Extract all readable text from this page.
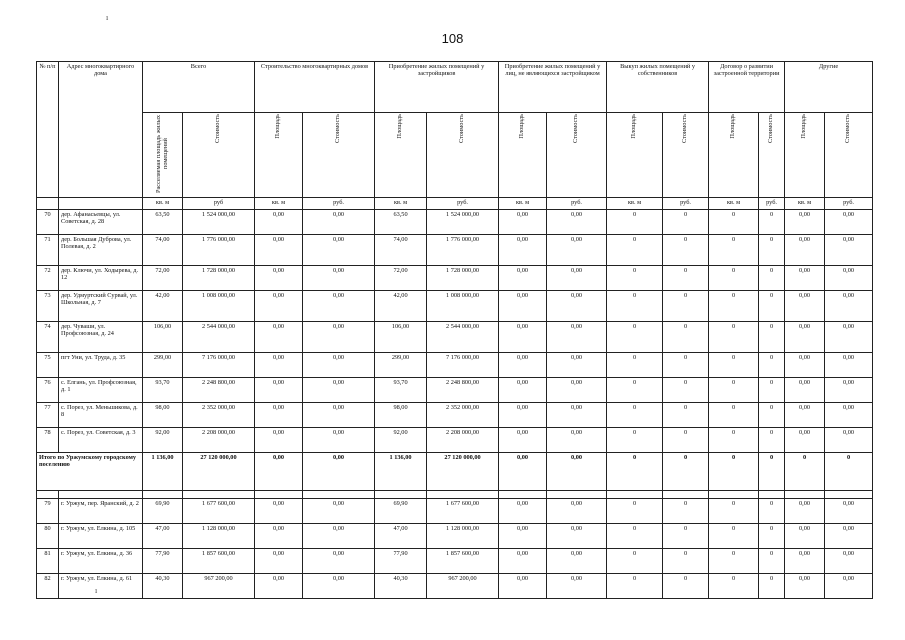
108
№ п/п	Адрес многоквартирного дома	Всего		Строительство многоквартирных домов		Приобретение жилых помещений у застройщиков		Приобретение жилых помещений у лиц, не являющихся застройщиком		Выкуп жилых помещений у собственников		Договор о развитии застроенной территории		Другие	
		Расселяемая площадь жилых помещений	Стоимость	Площадь	Стоимость	Площадь	Стоимость	Площадь	Стоимость	Площадь	Стоимость	Площадь	Стоимость	Площадь	Стоимость
		кв. м	руб	кв. м	руб.	кв. м	руб.	кв. м	руб.	кв. м	руб.	кв. м	руб.	кв. м	руб.
70	дер. Афанасьевцы, ул. Советская, д. 28	63,50	1 524 000,00	0,00	0,00	63,50	1 524 000,00	0,00	0,00	0	0	0	0	0,00	0,00
71	дер. Большая Дуброва, ул. Полевая, д. 2	74,00	1 776 000,00	0,00	0,00	74,00	1 776 000,00	0,00	0,00	0	0	0	0	0,00	0,00
72	дер. Ключи, ул. Ходырева, д. 12	72,00	1 728 000,00	0,00	0,00	72,00	1 728 000,00	0,00	0,00	0	0	0	0	0,00	0,00
73	дер. Удмуртский Сурвай, ул. Школьная, д. 7	42,00	1 008 000,00	0,00	0,00	42,00	1 008 000,00	0,00	0,00	0	0	0	0	0,00	0,00
74	дер. Чуваши, ул. Профсоюзная, д. 24	106,00	2 544 000,00	0,00	0,00	106,00	2 544 000,00	0,00	0,00	0	0	0	0	0,00	0,00
75	пгт Уни, ул. Труда, д. 35	299,00	7 176 000,00	0,00	0,00	299,00	7 176 000,00	0,00	0,00	0	0	0	0	0,00	0,00
76	с. Елгань, ул. Профсоюзная, д. 1	93,70	2 248 800,00	0,00	0,00	93,70	2 248 800,00	0,00	0,00	0	0	0	0	0,00	0,00
77	с. Порез, ул. Меньшикова, д. 8	98,00	2 352 000,00	0,00	0,00	98,00	2 352 000,00	0,00	0,00	0	0	0	0	0,00	0,00
78	с. Порез, ул. Советская, д. 3	92,00	2 208 000,00	0,00	0,00	92,00	2 208 000,00	0,00	0,00	0	0	0	0	0,00	0,00
Итого по Уржумскому городскому поселению		1 136,00	27 120 000,00	0,00	0,00	1 136,00	27 120 000,00	0,00	0,00	0	0	0	0	0	0

79	г. Уржум, пер. Яранский, д. 2	69,90	1 677 600,00	0,00	0,00	69,90	1 677 600,00	0,00	0,00	0	0	0	0	0,00	0,00
80	г. Уржум, ул. Елкина, д. 105	47,00	1 128 000,00	0,00	0,00	47,00	1 128 000,00	0,00	0,00	0	0	0	0	0,00	0,00
81	г. Уржум, ул. Елкина, д. 36	77,90	1 857 600,00	0,00	0,00	77,90	1 857 600,00	0,00	0,00	0	0	0	0	0,00	0,00
82	г. Уржум, ул. Елкина, д. 61	40,30	967 200,00	0,00	0,00	40,30	967 200,00	0,00	0,00	0	0	0	0	0,00	0,00
ı
ı
